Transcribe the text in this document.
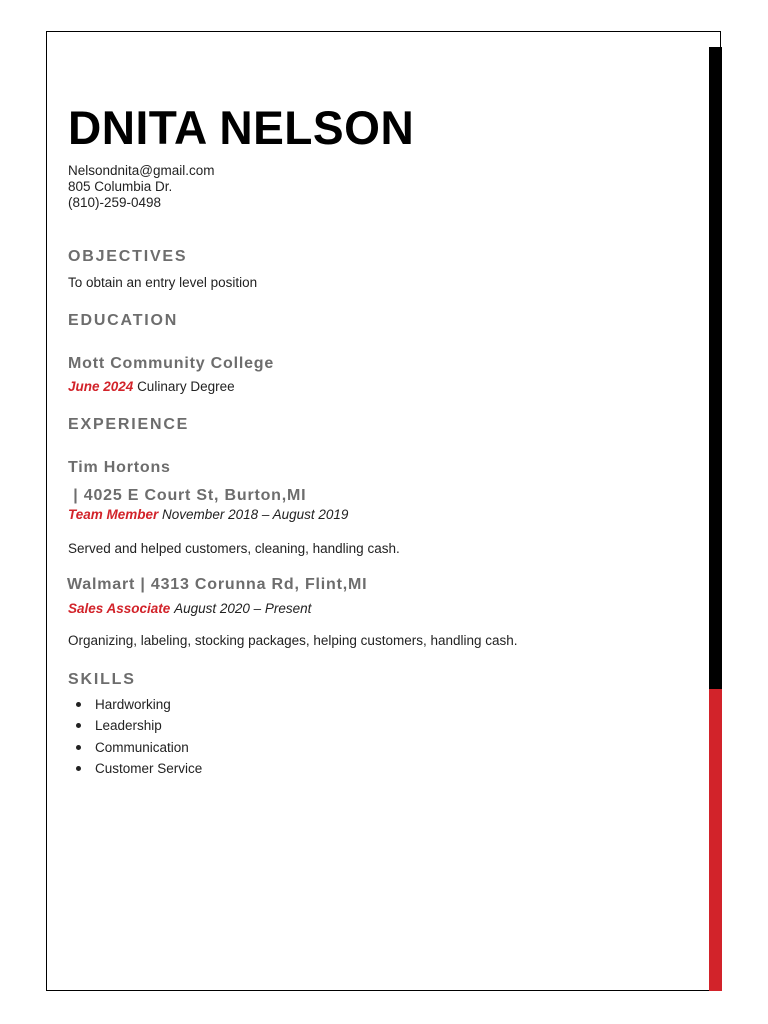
DNITA NELSON
Nelsondnita@gmail.com
805 Columbia Dr.
(810)-259-0498
OBJECTIVES
To obtain an entry level position
EDUCATION
Mott Community College
June 2024 Culinary Degree
EXPERIENCE
Tim Hortons
| 4025 E Court St, Burton,MI
Team Member November 2018 – August 2019
Served and helped customers, cleaning, handling cash.
Walmart | 4313 Corunna Rd, Flint,MI
Sales Associate August 2020 – Present
Organizing, labeling, stocking packages, helping customers, handling cash.
SKILLS
Hardworking
Leadership
Communication
Customer Service
